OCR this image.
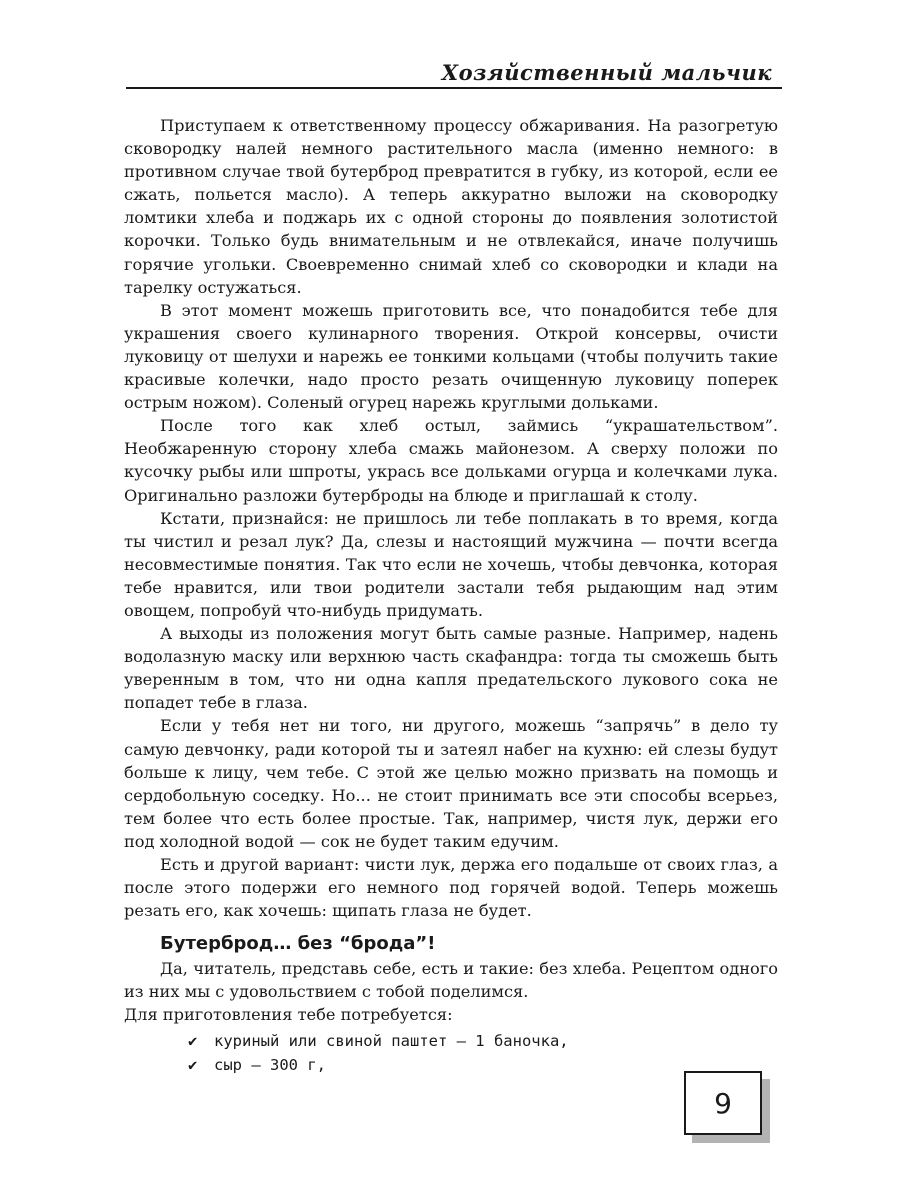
Хозяйственный мальчик

Приступаем к ответственному процессу обжаривания. На разогретую сковородку налей немного растительного масла (именно немного: в противном случае твой бутерброд превратится в губку, из которой, если ее сжать, польется масло). А теперь аккуратно выложи на сковородку ломтики хлеба и поджарь их с одной стороны до появления золотистой корочки. Только будь внимательным и не отвлекайся, иначе получишь горячие угольки. Своевременно снимай хлеб со сковородки и клади на тарелку остужаться.

В этот момент можешь приготовить все, что понадобится тебе для украшения своего кулинарного творения. Открой консервы, очисти луковицу от шелухи и нарежь ее тонкими кольцами (чтобы получить такие красивые колечки, надо просто резать очищенную луковицу поперек острым ножом). Соленый огурец нарежь круглыми дольками.

После того как хлеб остыл, займись “украшательством”. Необжаренную сторону хлеба смажь майонезом. А сверху положи по кусочку рыбы или шпроты, укрась все дольками огурца и колечками лука. Оригинально разложи бутерброды на блюде и приглашай к столу.

Кстати, признайся: не пришлось ли тебе поплакать в то время, когда ты чистил и резал лук? Да, слезы и настоящий мужчина — почти всегда несовместимые понятия. Так что если не хочешь, чтобы девчонка, которая тебе нравится, или твои родители застали тебя рыдающим над этим овощем, попробуй что-нибудь придумать.

А выходы из положения могут быть самые разные. Например, надень водолазную маску или верхнюю часть скафандра: тогда ты сможешь быть уверенным в том, что ни одна капля предательского лукового сока не попадет тебе в глаза.

Если у тебя нет ни того, ни другого, можешь “запрячь” в дело ту самую девчонку, ради которой ты и затеял набег на кухню: ей слезы будут больше к лицу, чем тебе. С этой же целью можно призвать на помощь и сердобольную соседку. Но... не стоит принимать все эти способы всерьез, тем более что есть более простые. Так, например, чистя лук, держи его под холодной водой — сок не будет таким едучим.

Есть и другой вариант: чисти лук, держа его подальше от своих глаз, а после этого подержи его немного под горячей водой. Теперь можешь резать его, как хочешь: щипать глаза не будет.

Бутерброд… без “брода”!

Да, читатель, представь себе, есть и такие: без хлеба. Рецептом одного из них мы с удовольствием с тобой поделимся.

Для приготовления тебе потребуется:

✔	куриный или свиной паштет — 1 баночка,
✔	сыр — 300 г,
9
